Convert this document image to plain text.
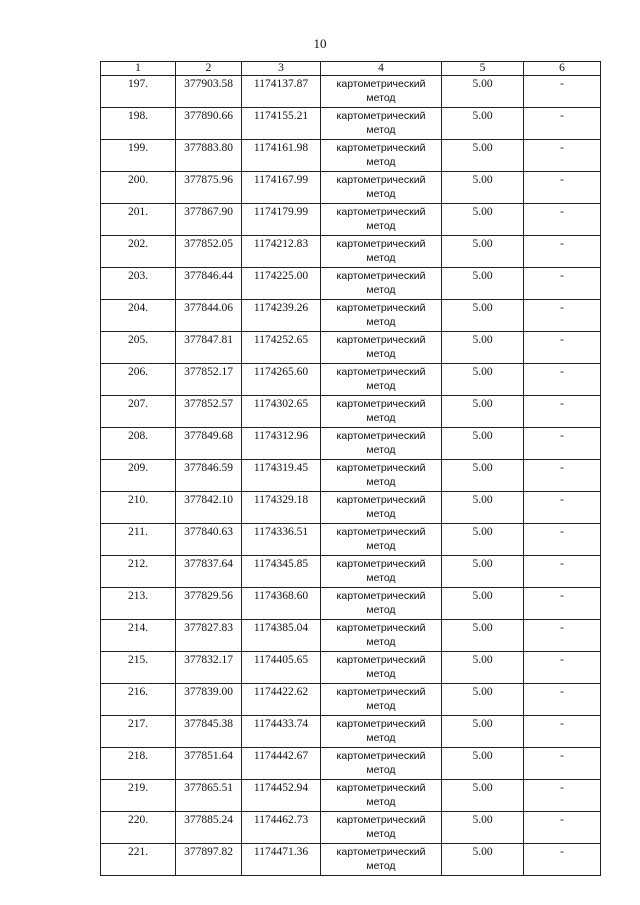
10
1	2	3	4	5	6
197.	377903.58	1174137.87	картометрический метод	5.00	-
198.	377890.66	1174155.21	картометрический метод	5.00	-
199.	377883.80	1174161.98	картометрический метод	5.00	-
200.	377875.96	1174167.99	картометрический метод	5.00	-
201.	377867.90	1174179.99	картометрический метод	5.00	-
202.	377852.05	1174212.83	картометрический метод	5.00	-
203.	377846.44	1174225.00	картометрический метод	5.00	-
204.	377844.06	1174239.26	картометрический метод	5.00	-
205.	377847.81	1174252.65	картометрический метод	5.00	-
206.	377852.17	1174265.60	картометрический метод	5.00	-
207.	377852.57	1174302.65	картометрический метод	5.00	-
208.	377849.68	1174312.96	картометрический метод	5.00	-
209.	377846.59	1174319.45	картометрический метод	5.00	-
210.	377842.10	1174329.18	картометрический метод	5.00	-
211.	377840.63	1174336.51	картометрический метод	5.00	-
212.	377837.64	1174345.85	картометрический метод	5.00	-
213.	377829.56	1174368.60	картометрический метод	5.00	-
214.	377827.83	1174385.04	картометрический метод	5.00	-
215.	377832.17	1174405.65	картометрический метод	5.00	-
216.	377839.00	1174422.62	картометрический метод	5.00	-
217.	377845.38	1174433.74	картометрический метод	5.00	-
218.	377851.64	1174442.67	картометрический метод	5.00	-
219.	377865.51	1174452.94	картометрический метод	5.00	-
220.	377885.24	1174462.73	картометрический метод	5.00	-
221.	377897.82	1174471.36	картометрический метод	5.00	-
